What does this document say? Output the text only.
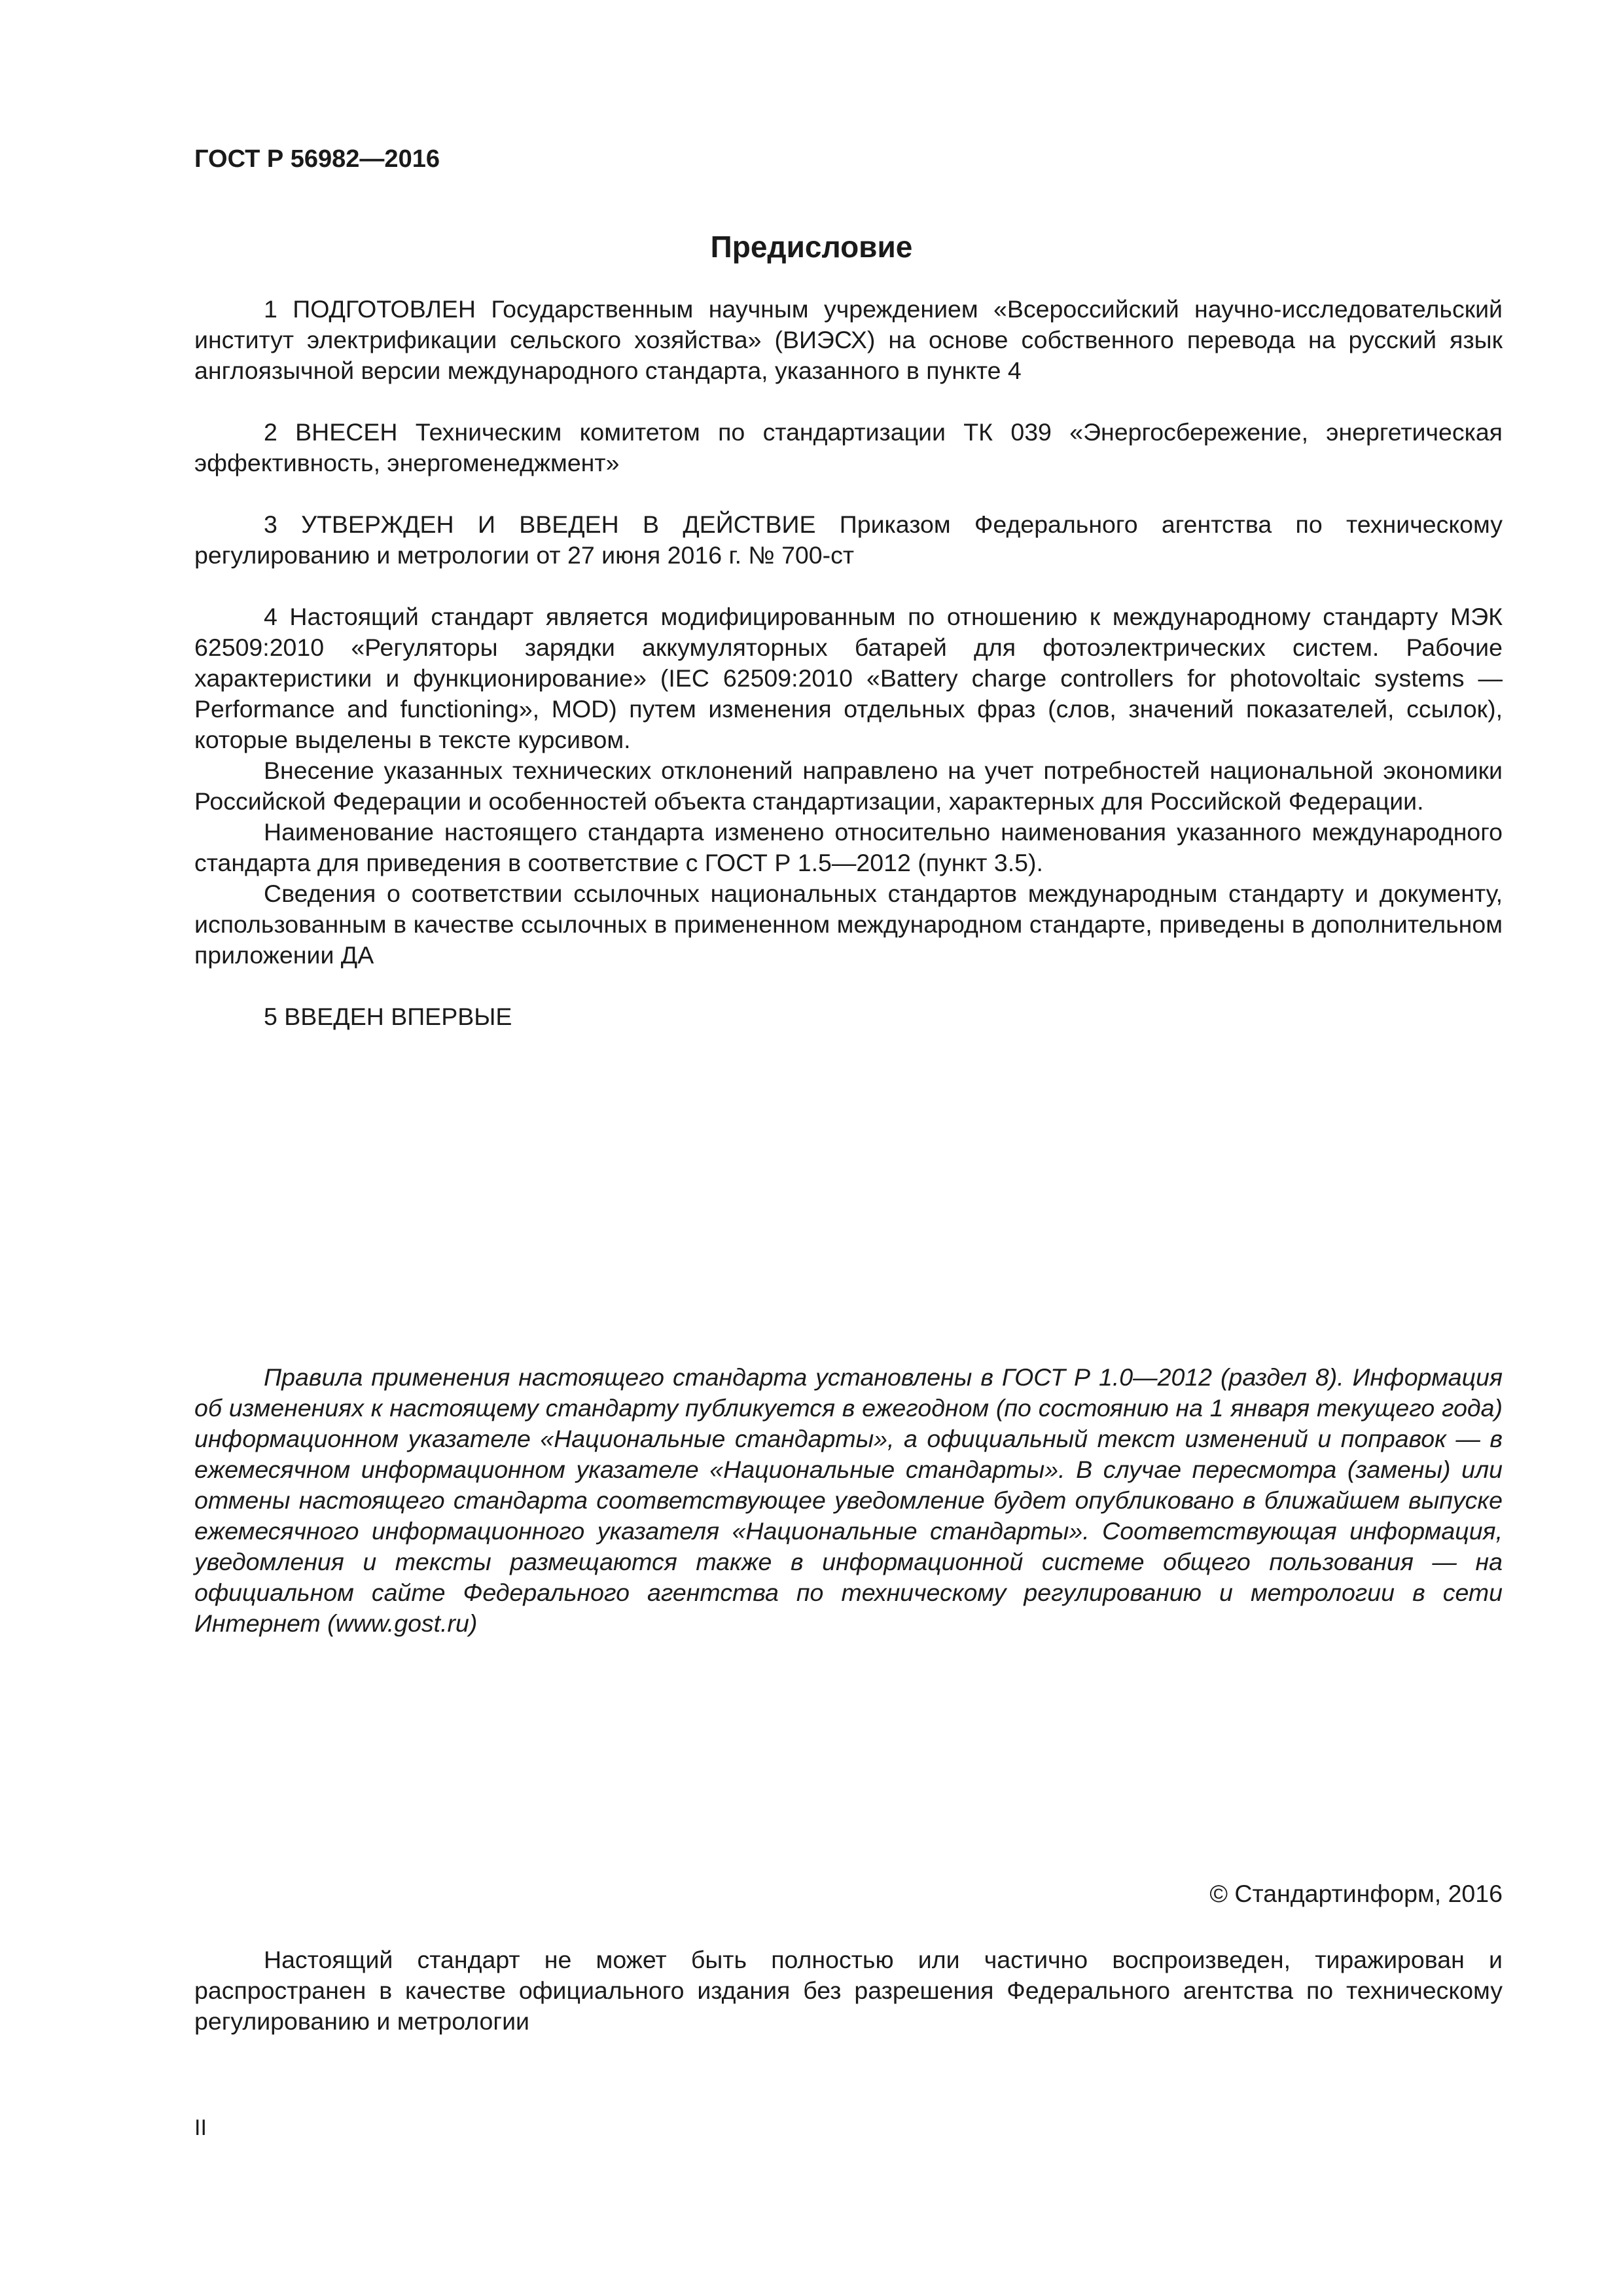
ГОСТ Р 56982—2016
Предисловие

1 ПОДГОТОВЛЕН Государственным научным учреждением «Всероссийский научно-исследовательский институт электрификации сельского хозяйства» (ВИЭСХ) на основе собственного перевода на русский язык англоязычной версии международного стандарта, указанного в пункте 4

2 ВНЕСЕН Техническим комитетом по стандартизации ТК 039 «Энергосбережение, энергетическая эффективность, энергоменеджмент»

3 УТВЕРЖДЕН И ВВЕДЕН В ДЕЙСТВИЕ Приказом Федерального агентства по техническому регулированию и метрологии от 27 июня 2016 г. № 700-ст

4 Настоящий стандарт является модифицированным по отношению к международному стандарту МЭК 62509:2010 «Регуляторы зарядки аккумуляторных батарей для фотоэлектрических систем. Рабочие характеристики и функционирование» (IEC 62509:2010 «Battery charge controllers for photovoltaic systems — Performance and functioning», MOD) путем изменения отдельных фраз (слов, значений показателей, ссылок), которые выделены в тексте курсивом.

Внесение указанных технических отклонений направлено на учет потребностей национальной экономики Российской Федерации и особенностей объекта стандартизации, характерных для Российской Федерации.

Наименование настоящего стандарта изменено относительно наименования указанного международного стандарта для приведения в соответствие с ГОСТ Р 1.5—2012 (пункт 3.5).

Сведения о соответствии ссылочных национальных стандартов международным стандарту и документу, использованным в качестве ссылочных в примененном международном стандарте, приведены в дополнительном приложении ДА

5 ВВЕДЕН ВПЕРВЫЕ

Правила применения настоящего стандарта установлены в ГОСТ Р 1.0—2012 (раздел 8). Информация об изменениях к настоящему стандарту публикуется в ежегодном (по состоянию на 1 января текущего года) информационном указателе «Национальные стандарты», а официальный текст изменений и поправок — в ежемесячном информационном указателе «Национальные стандарты». В случае пересмотра (замены) или отмены настоящего стандарта соответствующее уведомление будет опубликовано в ближайшем выпуске ежемесячного информационного указателя «Национальные стандарты». Соответствующая информация, уведомления и тексты размещаются также в информационной системе общего пользования — на официальном сайте Федерального агентства по техническому регулированию и метрологии в сети Интернет (www.gost.ru)

© Стандартинформ, 2016

Настоящий стандарт не может быть полностью или частично воспроизведен, тиражирован и распространен в качестве официального издания без разрешения Федерального агентства по техническому регулированию и метрологии

II
